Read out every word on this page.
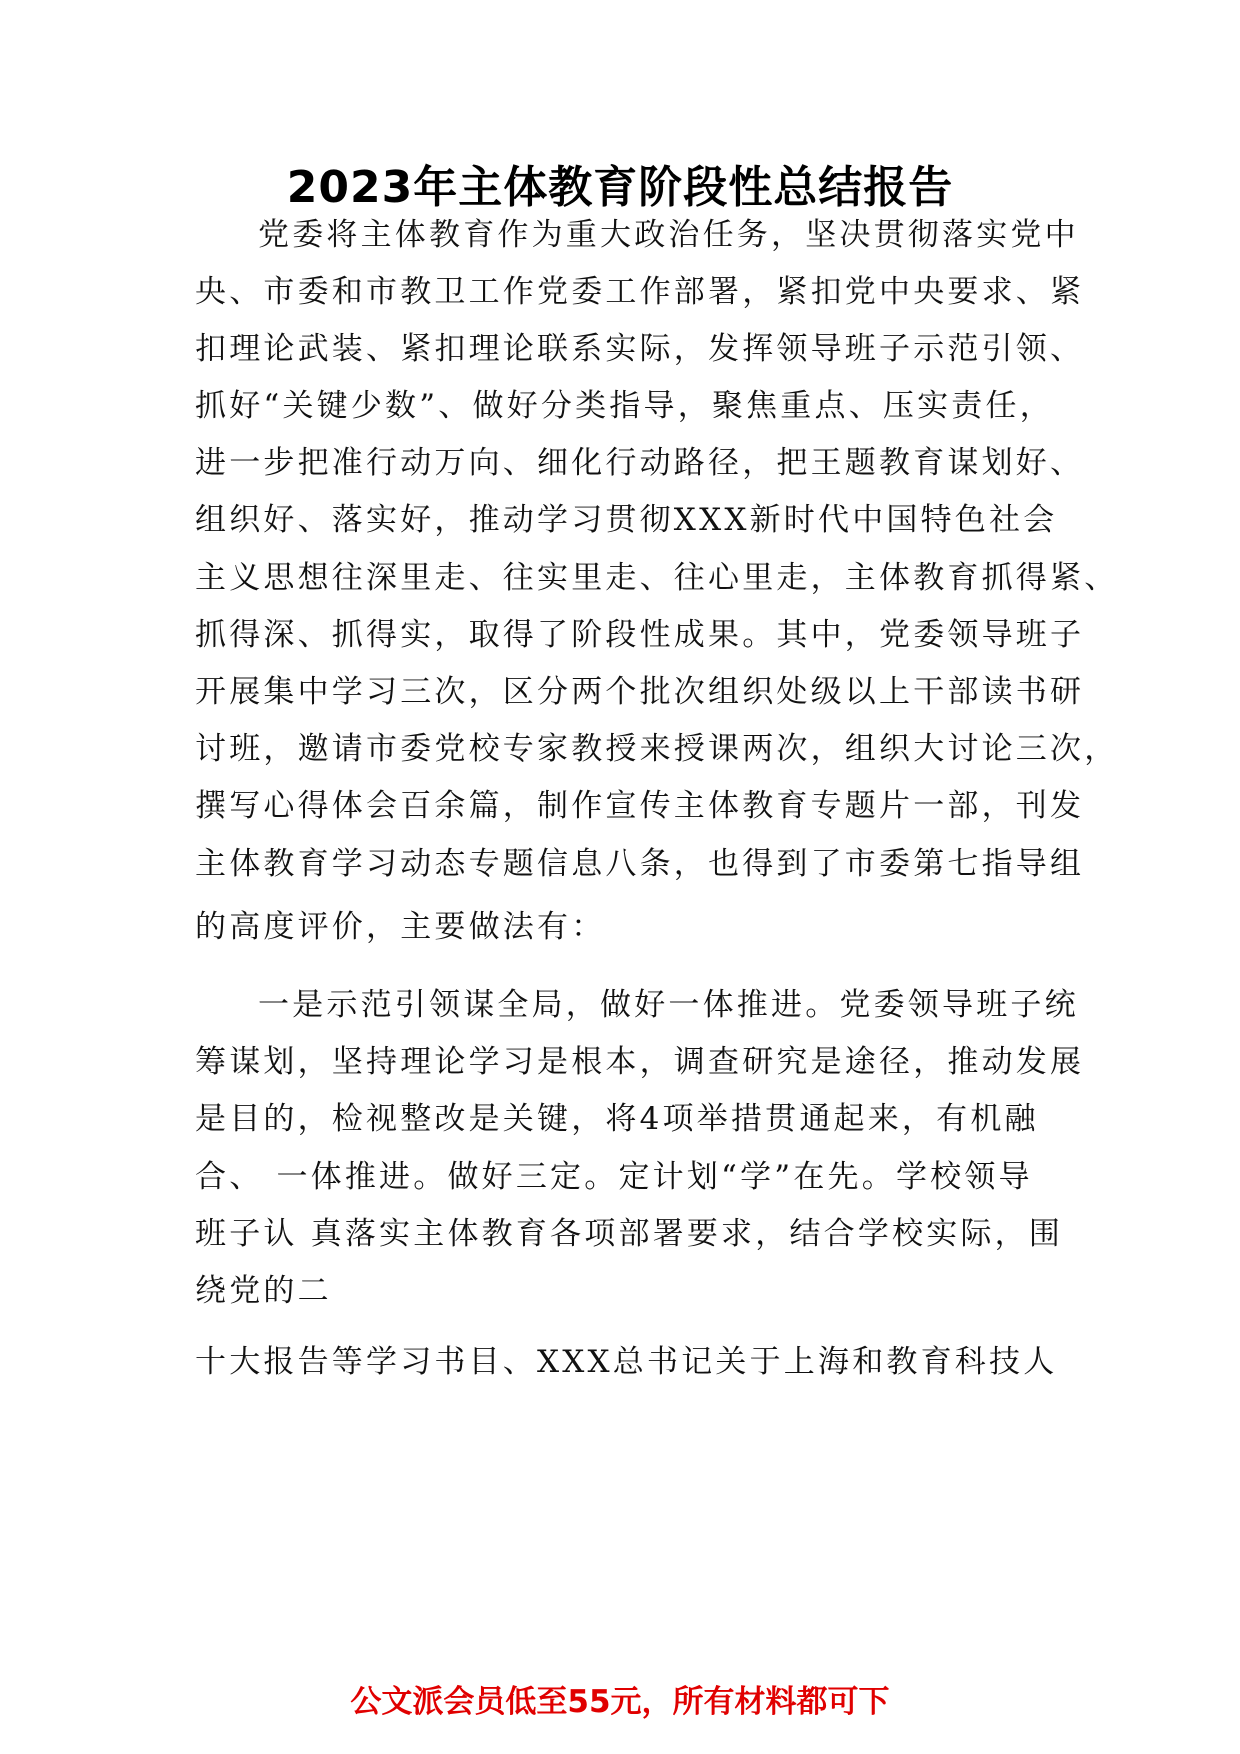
2023年主体教育阶段性总结报告
党委将主体教育作为重大政治任务，坚决贯彻落实党中
央、市委和市教卫工作党委工作部署，紧扣党中央要求、紧
扣理论武装、紧扣理论联系实际，发挥领导班子示范引领、
抓好“关键少数”、做好分类指导，聚焦重点、压实责任，
进一步把准行动万向、细化行动路径，把王题教育谋划好、
组织好、落实好，推动学习贯彻XXX新时代中国特色社会
主义思想往深里走、往实里走、往心里走，主体教育抓得紧、
抓得深、抓得实，取得了阶段性成果。其中，党委领导班子
开展集中学习三次，区分两个批次组织处级以上干部读书研
讨班，邀请市委党校专家教授来授课两次，组织大讨论三次，
撰写心得体会百余篇，制作宣传主体教育专题片一部，刊发
主体教育学习动态专题信息八条，也得到了市委第七指导组
的高度评价，主要做法有：
一是示范引领谋全局，做好一体推进。党委领导班子统
筹谋划，坚持理论学习是根本，调查研究是途径，推动发展
是目的，检视整改是关键，将4项举措贯通起来，有机融
合、 一体推进。做好三定。定计划“学”在先。学校领导
班子认 真落实主体教育各项部署要求，结合学校实际，围
绕党的二
十大报告等学习书目、XXX总书记关于上海和教育科技人
公文派会员低至55元，所有材料都可下
